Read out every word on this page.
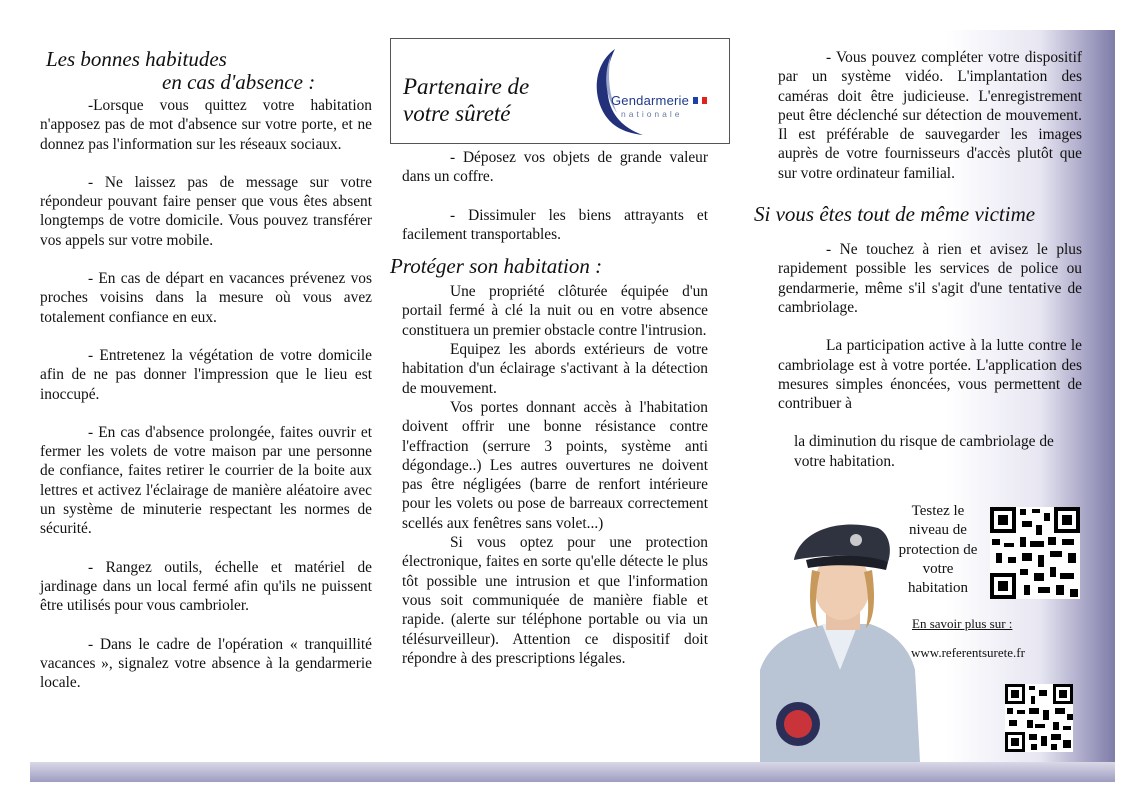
Les bonnes habitudes
en cas d'absence :

-Lorsque vous quittez votre habitation n'apposez pas de mot d'absence sur votre porte, et ne donnez pas l'information sur les réseaux sociaux.

- Ne laissez pas de message sur votre répondeur pouvant faire penser que vous êtes absent longtemps de votre domicile. Vous pouvez transférer vos appels sur votre mobile.

- En cas de départ en vacances prévenez vos proches voisins dans la mesure où vous avez totalement confiance en eux.

- Entretenez la végétation de votre domicile afin de ne pas donner l'impression que le lieu est inoccupé.

- En cas d'absence prolongée, faites ouvrir et fermer les volets de votre maison par une personne de confiance, faites retirer le courrier de la boite aux lettres et activez l'éclairage de manière aléatoire avec un système de minuterie respectant les normes de sécurité.

- Rangez outils, échelle et matériel de jardinage dans un local fermé afin qu'ils ne puissent être utilisés pour vous cambrioler.

- Dans le cadre de l'opération « tranquillité vacances », signalez votre absence à la gendarmerie locale.

Partenaire de votre sûreté
Gendarmerie
nationale

- Déposez vos objets de grande valeur dans un coffre.

- Dissimuler les biens attrayants et facilement transportables.

Protéger son habitation :

Une propriété clôturée équipée d'un portail fermé à clé la nuit ou en votre absence constituera un premier obstacle contre l'intrusion.

Equipez les abords extérieurs de votre habitation d'un éclairage s'activant à la détection de mouvement.

Vos portes donnant accès à l'habitation doivent offrir une bonne résistance contre l'effraction (serrure 3 points, système anti dégondage..) Les autres ouvertures ne doivent pas être négligées (barre de renfort intérieure pour les volets ou pose de barreaux correctement scellés aux fenêtres sans volet...)

Si vous optez pour une protection électronique, faites en sorte qu'elle détecte le plus tôt possible une intrusion et que l'information vous soit communiquée de manière fiable et rapide. (alerte sur téléphone portable ou via un télésurveilleur). Attention ce dispositif doit répondre à des prescriptions légales.

- Vous pouvez compléter votre dispositif par un système vidéo. L'implantation des caméras doit être judicieuse. L'enregistrement peut être déclenché sur détection de mouvement. Il est préférable de sauvegarder les images auprès de votre fournisseurs d'accès plutôt que sur votre ordinateur familial.

Si vous êtes tout de même victime

- Ne touchez à rien et avisez le plus rapidement possible les services de police ou gendarmerie, même s'il s'agit d'une tentative de cambriolage.

La participation active à la lutte contre le cambriolage est à votre portée. L'application des mesures simples énoncées, vous permettent de contribuer à

la diminution du risque de cambriolage de votre habitation.

Testez le niveau de protection de votre habitation
En savoir plus sur :
www.referentsurete.fr
